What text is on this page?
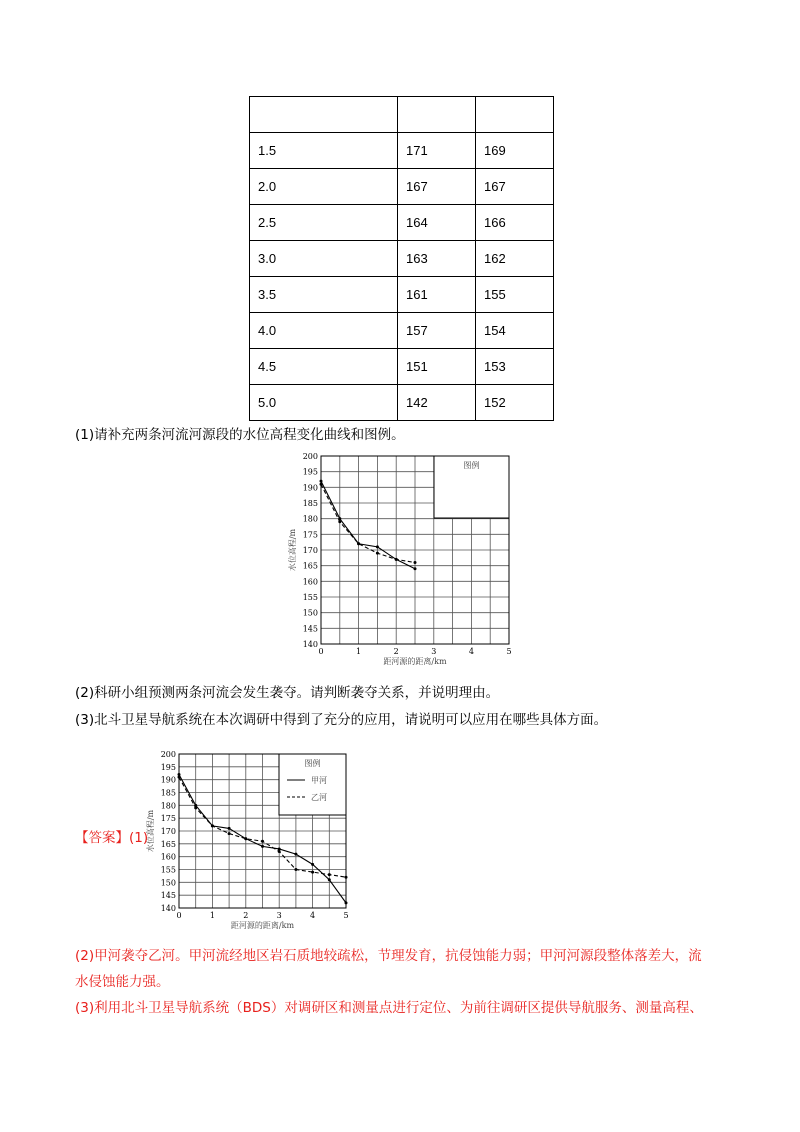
1.5	171	169
2.0	167	167
2.5	164	166
3.0	163	162
3.5	161	155
4.0	157	154
4.5	151	153
5.0	142	152
(1)请补充两条河流河源段的水位高程变化曲线和图例。
0	1	2	3	4	5
140
145
150
155
160
165
170
175
180
185
190
195
200
距河源的距离/km
水位高程/m
图例
(2)科研小组预测两条河流会发生袭夺。请判断袭夺关系，并说明理由。
(3)北斗卫星导航系统在本次调研中得到了充分的应用，请说明可以应用在哪些具体方面。
0	1	2	3	4	5
140
145
150
155
160
165
170
175
180
185
190
195
200
距河源的距离/km
水位高程/m
图例
甲河
乙河
【答案】(1)
(2)甲河袭夺乙河。甲河流经地区岩石质地较疏松，节理发育，抗侵蚀能力弱；甲河河源段整体落差大，流
水侵蚀能力强。
(3)利用北斗卫星导航系统（BDS）对调研区和测量点进行定位、为前往调研区提供导航服务、测量高程、
